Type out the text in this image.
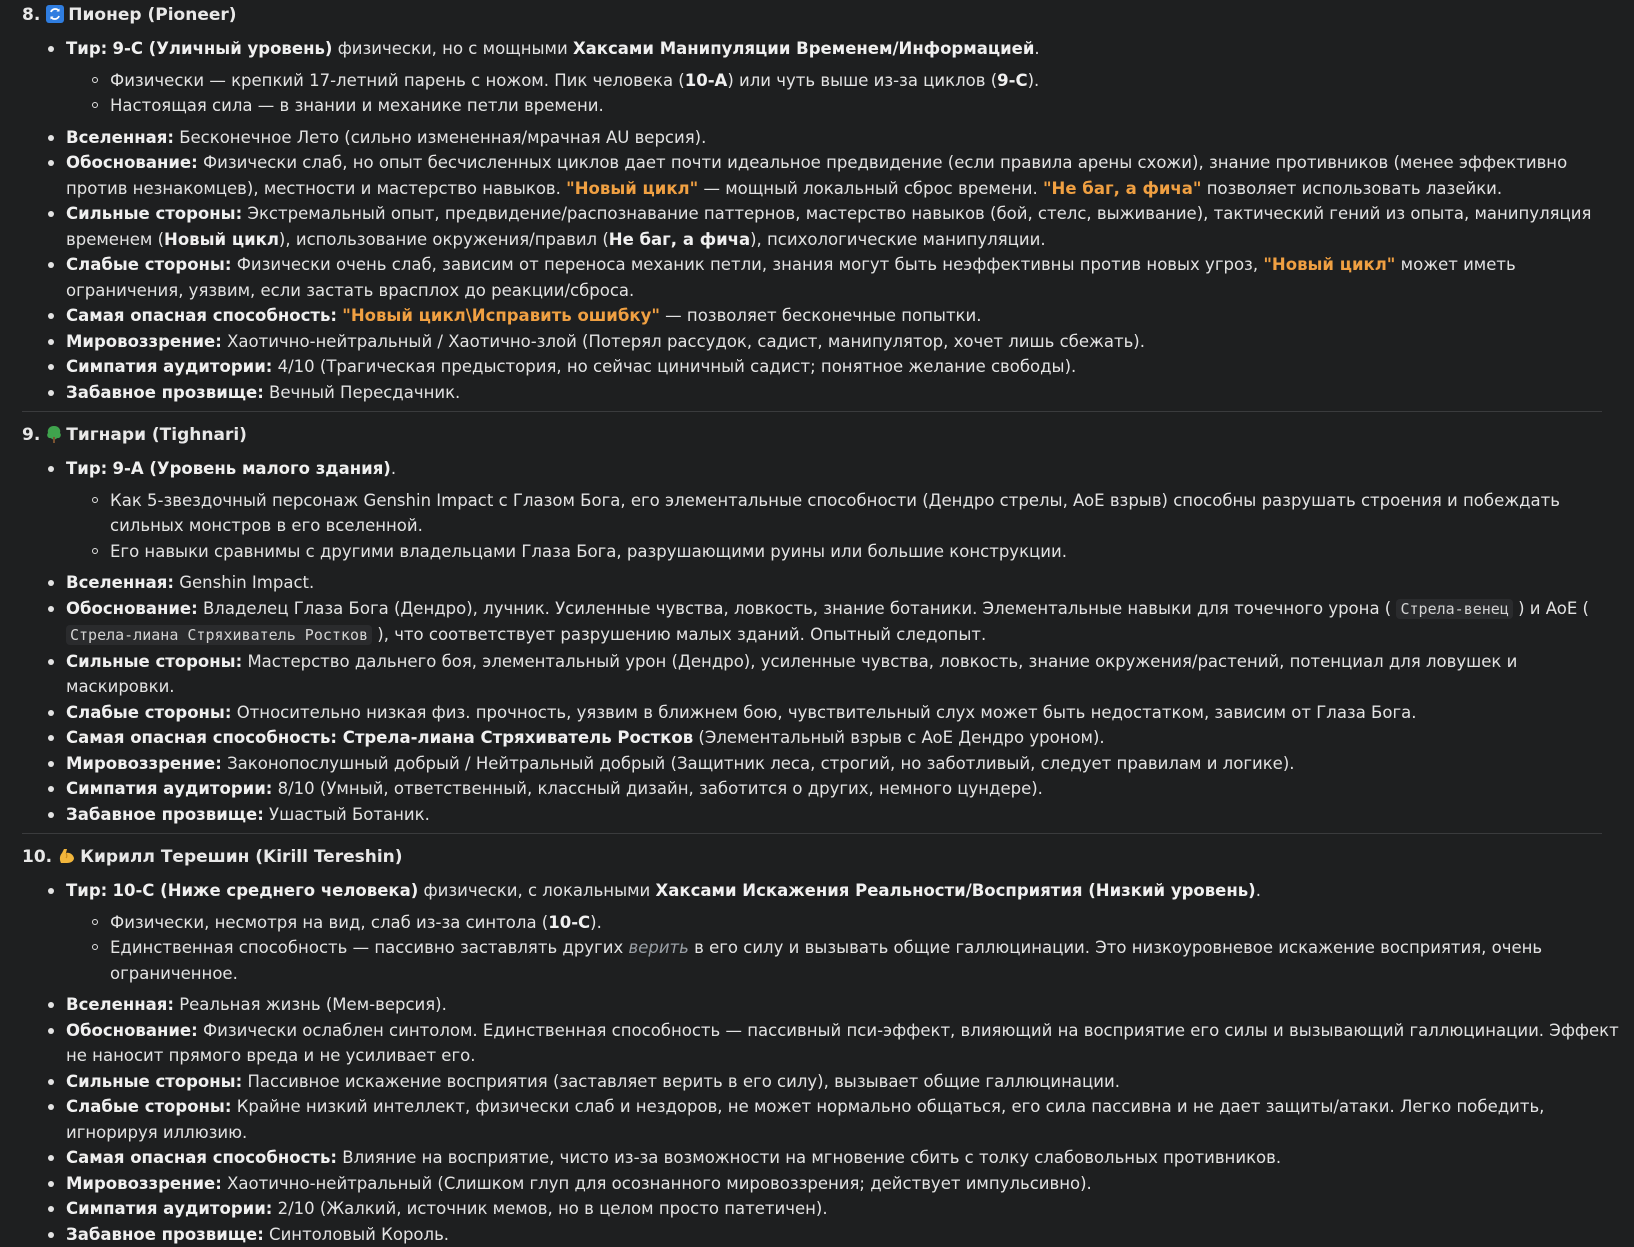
8. Пионер (Pioneer)
Тир: 9-C (Уличный уровень) физически, но с мощными Хаксами Манипуляции Временем/Информацией.
Физически — крепкий 17-летний парень с ножом. Пик человека (10-A) или чуть выше из-за циклов (9-C).
Настоящая сила — в знании и механике петли времени.
Вселенная: Бесконечное Лето (сильно измененная/мрачная AU версия).
Обоснование: Физически слаб, но опыт бесчисленных циклов дает почти идеальное предвидение (если правила арены схожи), знание противников (менее эффективно против незнакомцев), местности и мастерство навыков. "Новый цикл" — мощный локальный сброс времени. "Не баг, а фича" позволяет использовать лазейки.
Сильные стороны: Экстремальный опыт, предвидение/распознавание паттернов, мастерство навыков (бой, стелс, выживание), тактический гений из опыта, манипуляция временем (Новый цикл), использование окружения/правил (Не баг, а фича), психологические манипуляции.
Слабые стороны: Физически очень слаб, зависим от переноса механик петли, знания могут быть неэффективны против новых угроз, "Новый цикл" может иметь ограничения, уязвим, если застать врасплох до реакции/сброса.
Самая опасная способность: "Новый цикл\Исправить ошибку" — позволяет бесконечные попытки.
Мировоззрение: Хаотично-нейтральный / Хаотично-злой (Потерял рассудок, садист, манипулятор, хочет лишь сбежать).
Симпатия аудитории: 4/10 (Трагическая предыстория, но сейчас циничный садист; понятное желание свободы).
Забавное прозвище: Вечный Пересдачник.
9. Тигнари (Tighnari)
Тир: 9-A (Уровень малого здания).
Как 5-звездочный персонаж Genshin Impact с Глазом Бога, его элементальные способности (Дендро стрелы, AoE взрыв) способны разрушать строения и побеждать сильных монстров в его вселенной.
Его навыки сравнимы с другими владельцами Глаза Бога, разрушающими руины или большие конструкции.
Вселенная: Genshin Impact.
Обоснование: Владелец Глаза Бога (Дендро), лучник. Усиленные чувства, ловкость, знание ботаники. Элементальные навыки для точечного урона ( Стрела-венец ) и AoE ( Стрела-лиана Стряхиватель Ростков ), что соответствует разрушению малых зданий. Опытный следопыт.
Сильные стороны: Мастерство дальнего боя, элементальный урон (Дендро), усиленные чувства, ловкость, знание окружения/растений, потенциал для ловушек и маскировки.
Слабые стороны: Относительно низкая физ. прочность, уязвим в ближнем бою, чувствительный слух может быть недостатком, зависим от Глаза Бога.
Самая опасная способность: Стрела-лиана Стряхиватель Ростков (Элементальный взрыв с AoE Дендро уроном).
Мировоззрение: Законопослушный добрый / Нейтральный добрый (Защитник леса, строгий, но заботливый, следует правилам и логике).
Симпатия аудитории: 8/10 (Умный, ответственный, классный дизайн, заботится о других, немного цундере).
Забавное прозвище: Ушастый Ботаник.
10. Кирилл Терешин (Kirill Tereshin)
Тир: 10-C (Ниже среднего человека) физически, с локальными Хаксами Искажения Реальности/Восприятия (Низкий уровень).
Физически, несмотря на вид, слаб из-за синтола (10-C).
Единственная способность — пассивно заставлять других верить в его силу и вызывать общие галлюцинации. Это низкоуровневое искажение восприятия, очень ограниченное.
Вселенная: Реальная жизнь (Мем-версия).
Обоснование: Физически ослаблен синтолом. Единственная способность — пассивный пси-эффект, влияющий на восприятие его силы и вызывающий галлюцинации. Эффект не наносит прямого вреда и не усиливает его.
Сильные стороны: Пассивное искажение восприятия (заставляет верить в его силу), вызывает общие галлюцинации.
Слабые стороны: Крайне низкий интеллект, физически слаб и нездоров, не может нормально общаться, его сила пассивна и не дает защиты/атаки. Легко победить, игнорируя иллюзию.
Самая опасная способность: Влияние на восприятие, чисто из-за возможности на мгновение сбить с толку слабовольных противников.
Мировоззрение: Хаотично-нейтральный (Слишком глуп для осознанного мировоззрения; действует импульсивно).
Симпатия аудитории: 2/10 (Жалкий, источник мемов, но в целом просто патетичен).
Забавное прозвище: Синтоловый Король.
